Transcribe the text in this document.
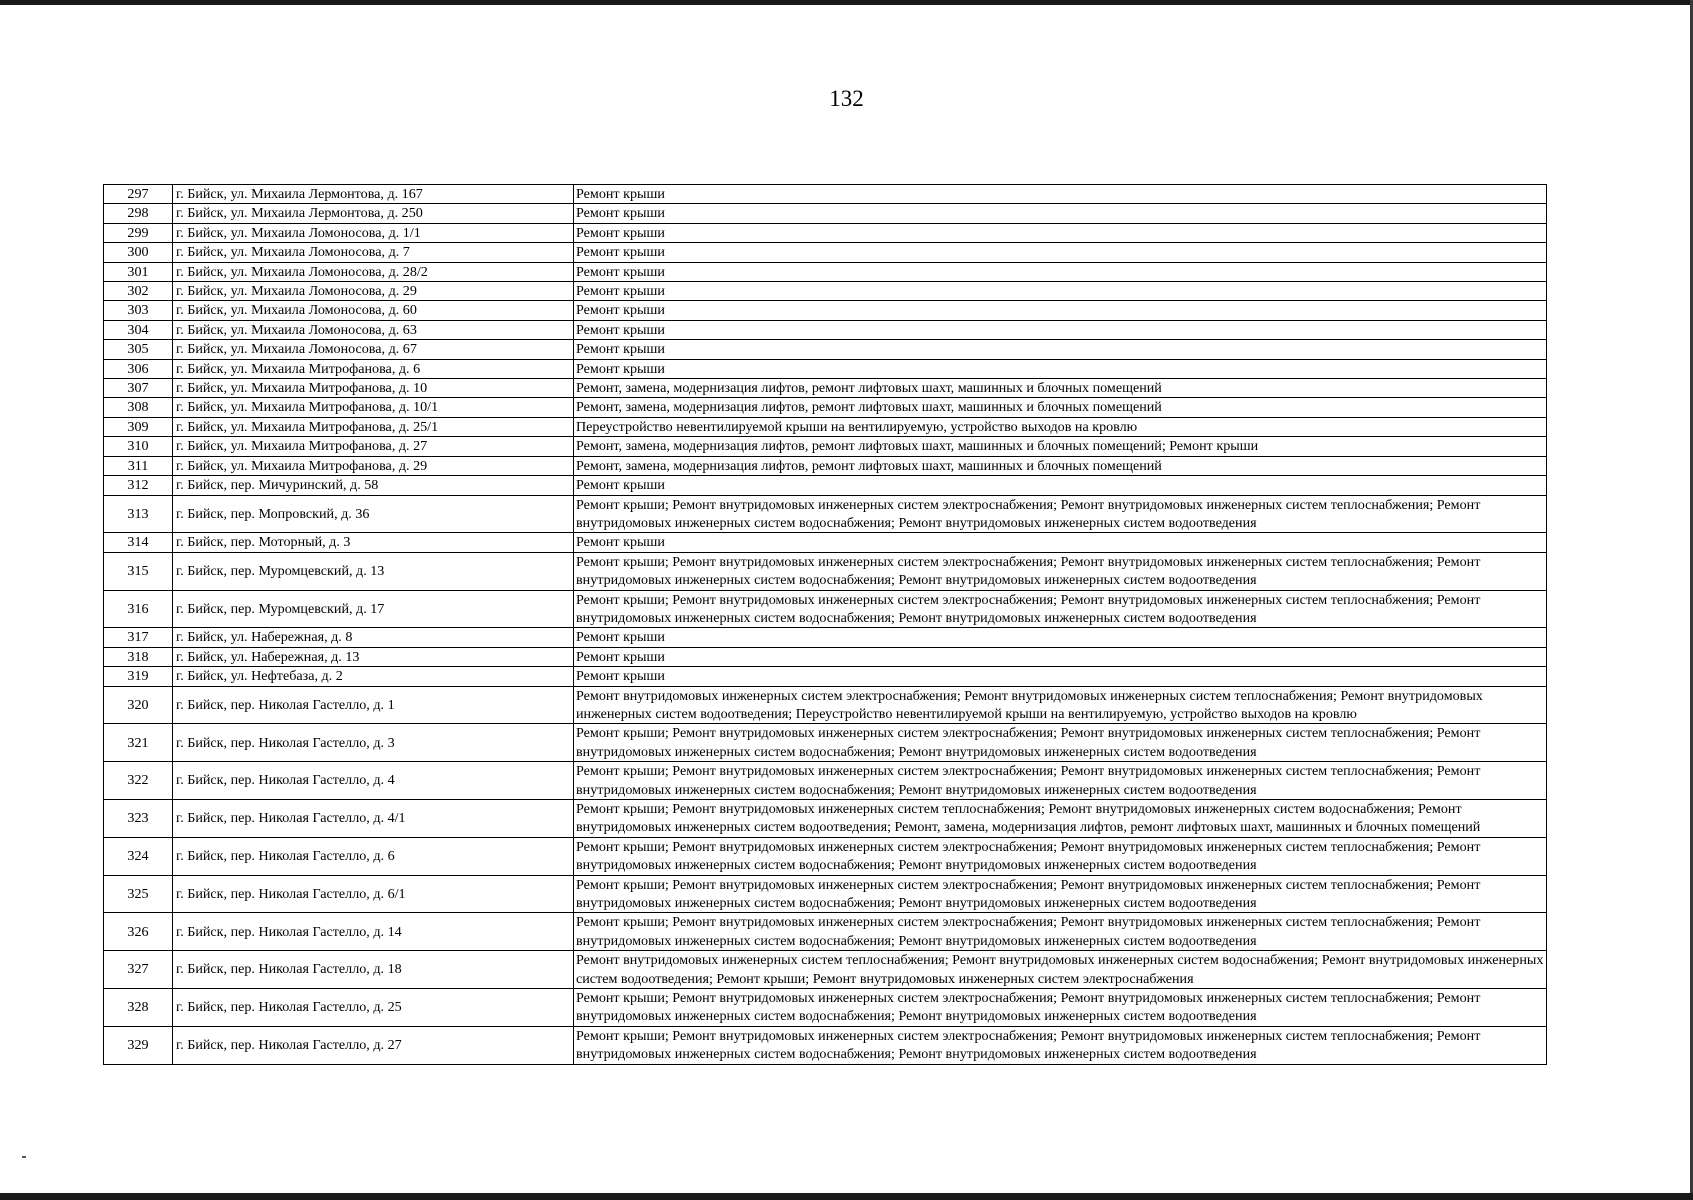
132
297	г. Бийск, ул. Михаила Лермонтова, д. 167	Ремонт крыши
298	г. Бийск, ул. Михаила Лермонтова, д. 250	Ремонт крыши
299	г. Бийск, ул. Михаила Ломоносова, д. 1/1	Ремонт крыши
300	г. Бийск, ул. Михаила Ломоносова, д. 7	Ремонт крыши
301	г. Бийск, ул. Михаила Ломоносова, д. 28/2	Ремонт крыши
302	г. Бийск, ул. Михаила Ломоносова, д. 29	Ремонт крыши
303	г. Бийск, ул. Михаила Ломоносова, д. 60	Ремонт крыши
304	г. Бийск, ул. Михаила Ломоносова, д. 63	Ремонт крыши
305	г. Бийск, ул. Михаила Ломоносова, д. 67	Ремонт крыши
306	г. Бийск, ул. Михаила Митрофанова, д. 6	Ремонт крыши
307	г. Бийск, ул. Михаила Митрофанова, д. 10	Ремонт, замена, модернизация лифтов, ремонт лифтовых шахт, машинных и блочных помещений
308	г. Бийск, ул. Михаила Митрофанова, д. 10/1	Ремонт, замена, модернизация лифтов, ремонт лифтовых шахт, машинных и блочных помещений
309	г. Бийск, ул. Михаила Митрофанова, д. 25/1	Переустройство невентилируемой крыши на вентилируемую, устройство выходов на кровлю
310	г. Бийск, ул. Михаила Митрофанова, д. 27	Ремонт, замена, модернизация лифтов, ремонт лифтовых шахт, машинных и блочных помещений; Ремонт крыши
311	г. Бийск, ул. Михаила Митрофанова, д. 29	Ремонт, замена, модернизация лифтов, ремонт лифтовых шахт, машинных и блочных помещений
312	г. Бийск, пер. Мичуринский, д. 58	Ремонт крыши
313	г. Бийск, пер. Мопровский, д. 36	Ремонт крыши; Ремонт внутридомовых инженерных систем электроснабжения; Ремонт внутридомовых инженерных систем теплоснабжения; Ремонт внутридомовых инженерных систем водоснабжения; Ремонт внутридомовых инженерных систем водоотведения
314	г. Бийск, пер. Моторный, д. 3	Ремонт крыши
315	г. Бийск, пер. Муромцевский, д. 13	Ремонт крыши; Ремонт внутридомовых инженерных систем электроснабжения; Ремонт внутридомовых инженерных систем теплоснабжения; Ремонт внутридомовых инженерных систем водоснабжения; Ремонт внутридомовых инженерных систем водоотведения
316	г. Бийск, пер. Муромцевский, д. 17	Ремонт крыши; Ремонт внутридомовых инженерных систем электроснабжения; Ремонт внутридомовых инженерных систем теплоснабжения; Ремонт внутридомовых инженерных систем водоснабжения; Ремонт внутридомовых инженерных систем водоотведения
317	г. Бийск, ул. Набережная, д. 8	Ремонт крыши
318	г. Бийск, ул. Набережная, д. 13	Ремонт крыши
319	г. Бийск, ул. Нефтебаза, д. 2	Ремонт крыши
320	г. Бийск, пер. Николая Гастелло, д. 1	Ремонт внутридомовых инженерных систем электроснабжения; Ремонт внутридомовых инженерных систем теплоснабжения; Ремонт внутридомовых инженерных систем водоотведения; Переустройство невентилируемой крыши на вентилируемую, устройство выходов на кровлю
321	г. Бийск, пер. Николая Гастелло, д. 3	Ремонт крыши; Ремонт внутридомовых инженерных систем электроснабжения; Ремонт внутридомовых инженерных систем теплоснабжения; Ремонт внутридомовых инженерных систем водоснабжения; Ремонт внутридомовых инженерных систем водоотведения
322	г. Бийск, пер. Николая Гастелло, д. 4	Ремонт крыши; Ремонт внутридомовых инженерных систем электроснабжения; Ремонт внутридомовых инженерных систем теплоснабжения; Ремонт внутридомовых инженерных систем водоснабжения; Ремонт внутридомовых инженерных систем водоотведения
323	г. Бийск, пер. Николая Гастелло, д. 4/1	Ремонт крыши; Ремонт внутридомовых инженерных систем теплоснабжения; Ремонт внутридомовых инженерных систем водоснабжения; Ремонт внутридомовых инженерных систем водоотведения; Ремонт, замена, модернизация лифтов, ремонт лифтовых шахт, машинных и блочных помещений
324	г. Бийск, пер. Николая Гастелло, д. 6	Ремонт крыши; Ремонт внутридомовых инженерных систем электроснабжения; Ремонт внутридомовых инженерных систем теплоснабжения; Ремонт внутридомовых инженерных систем водоснабжения; Ремонт внутридомовых инженерных систем водоотведения
325	г. Бийск, пер. Николая Гастелло, д. 6/1	Ремонт крыши; Ремонт внутридомовых инженерных систем электроснабжения; Ремонт внутридомовых инженерных систем теплоснабжения; Ремонт внутридомовых инженерных систем водоснабжения; Ремонт внутридомовых инженерных систем водоотведения
326	г. Бийск, пер. Николая Гастелло, д. 14	Ремонт крыши; Ремонт внутридомовых инженерных систем электроснабжения; Ремонт внутридомовых инженерных систем теплоснабжения; Ремонт внутридомовых инженерных систем водоснабжения; Ремонт внутридомовых инженерных систем водоотведения
327	г. Бийск, пер. Николая Гастелло, д. 18	Ремонт внутридомовых инженерных систем теплоснабжения; Ремонт внутридомовых инженерных систем водоснабжения; Ремонт внутридомовых инженерных систем водоотведения; Ремонт крыши; Ремонт внутридомовых инженерных систем электроснабжения
328	г. Бийск, пер. Николая Гастелло, д. 25	Ремонт крыши; Ремонт внутридомовых инженерных систем электроснабжения; Ремонт внутридомовых инженерных систем теплоснабжения; Ремонт внутридомовых инженерных систем водоснабжения; Ремонт внутридомовых инженерных систем водоотведения
329	г. Бийск, пер. Николая Гастелло, д. 27	Ремонт крыши; Ремонт внутридомовых инженерных систем электроснабжения; Ремонт внутридомовых инженерных систем теплоснабжения; Ремонт внутридомовых инженерных систем водоснабжения; Ремонт внутридомовых инженерных систем водоотведения
